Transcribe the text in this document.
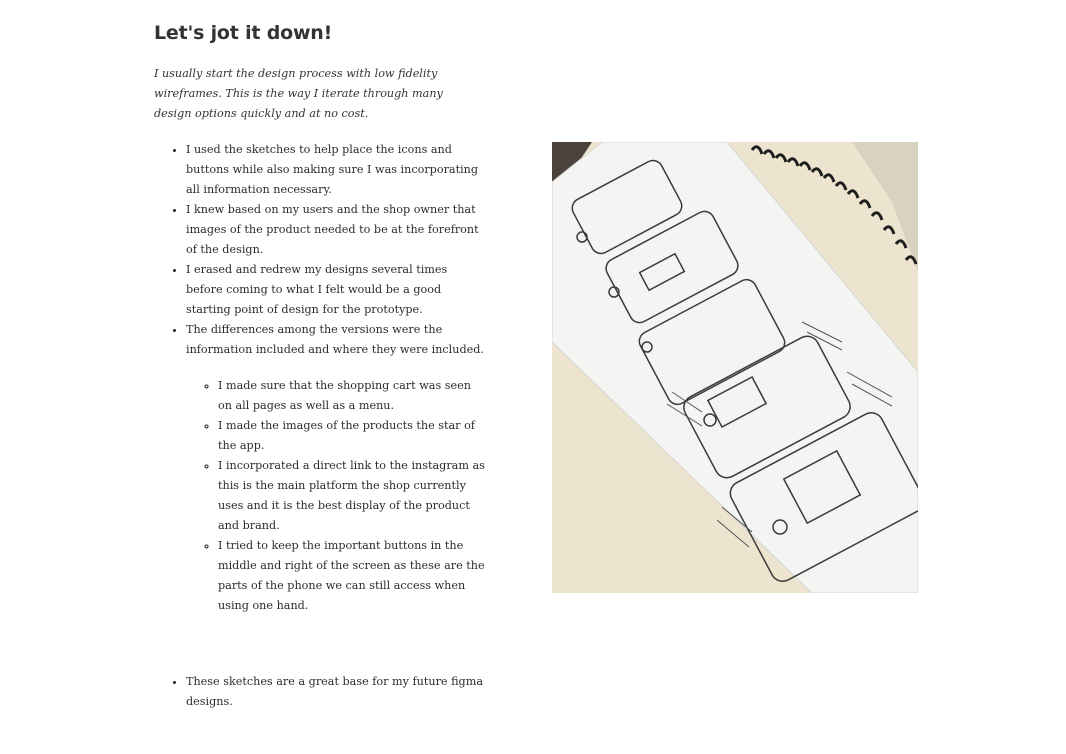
Let's jot it down!

I usually start the design process with low fidelity wireframes. This is the way I iterate through many design options quickly and at no cost.

• I used the sketches to help place the icons and buttons while also making sure I was incorporating all information necessary.
• I knew based on my users and the shop owner that images of the product needed to be at the forefront of the design.
• I erased and redrew my designs several times before coming to what I felt would be a good starting point of design for the prototype.
• The differences among the versions were the information included and where they were included.
◦ I made sure that the shopping cart was seen on all pages as well as a menu.
◦ I made the images of the products the star of the app.
◦ I incorporated a direct link to the instagram as this is the main platform the shop currently uses and it is the best display of the product and brand.
◦ I tried to keep the important buttons in the middle and right of the screen as these are the parts of the phone we can still access when using one hand.
• These sketches are a great base for my future figma designs.
